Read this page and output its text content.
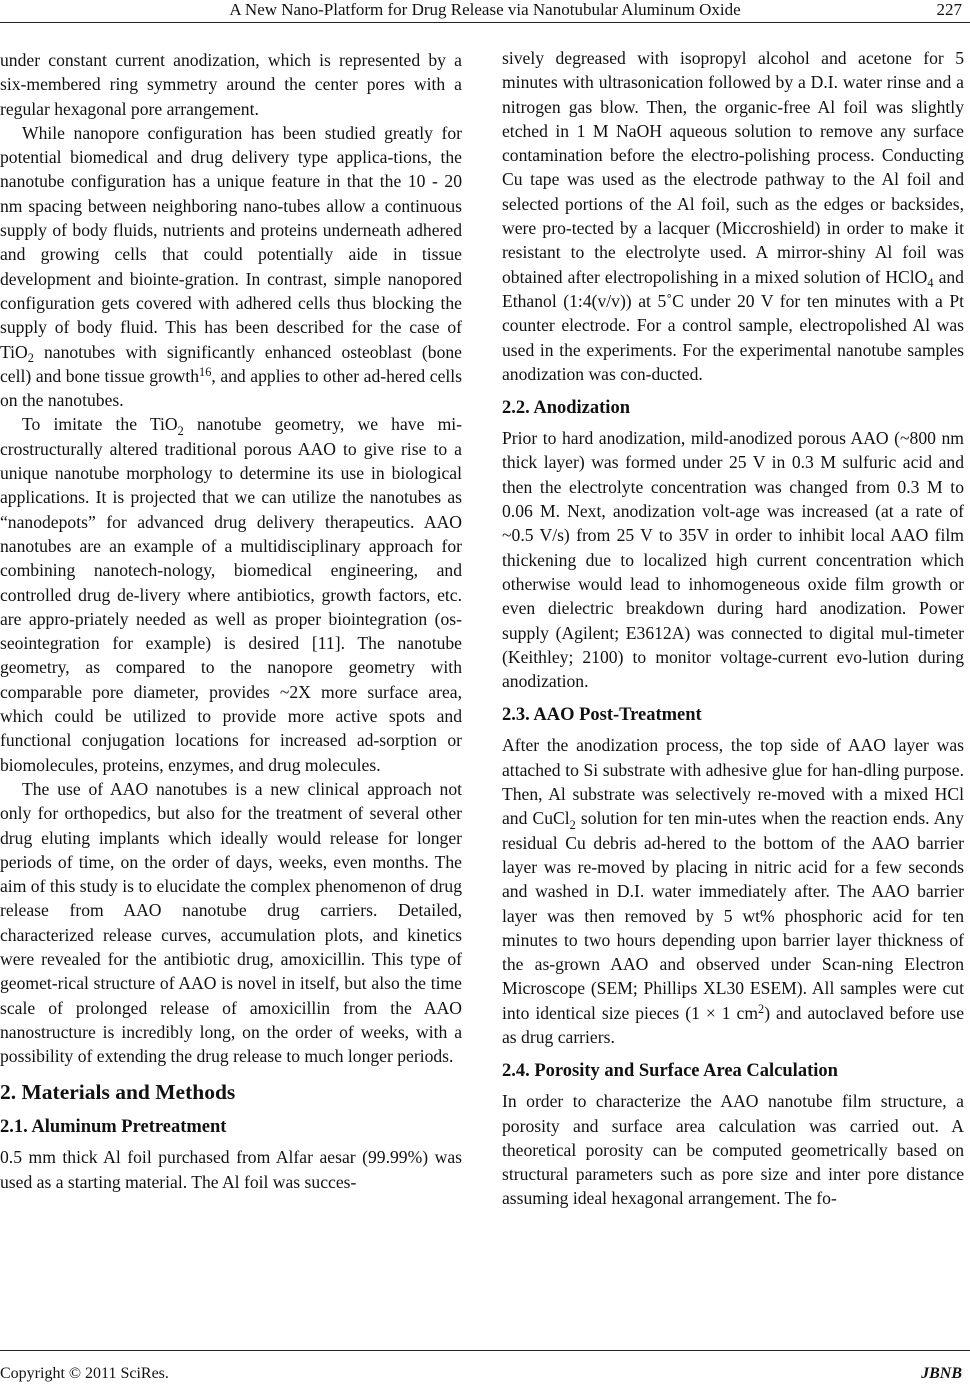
A New Nano-Platform for Drug Release via Nanotubular Aluminum Oxide	227

under constant current anodization, which is represented by a six-membered ring symmetry around the center pores with a regular hexagonal pore arrangement.

While nanopore configuration has been studied greatly for potential biomedical and drug delivery type applica-tions, the nanotube configuration has a unique feature in that the 10 - 20 nm spacing between neighboring nano-tubes allow a continuous supply of body fluids, nutrients and proteins underneath adhered and growing cells that could potentially aide in tissue development and biointe-gration. In contrast, simple nanopored configuration gets covered with adhered cells thus blocking the supply of body fluid. This has been described for the case of TiO$_2$ nanotubes with significantly enhanced osteoblast (bone cell) and bone tissue growth$^{16}$, and applies to other ad-hered cells on the nanotubes.

To imitate the TiO$_2$ nanotube geometry, we have mi-crostructurally altered traditional porous AAO to give rise to a unique nanotube morphology to determine its use in biological applications. It is projected that we can utilize the nanotubes as “nanodepots” for advanced drug delivery therapeutics. AAO nanotubes are an example of a multidisciplinary approach for combining nanotech-nology, biomedical engineering, and controlled drug de-livery where antibiotics, growth factors, etc. are appro-priately needed as well as proper biointegration (os-seointegration for example) is desired [11]. The nanotube geometry, as compared to the nanopore geometry with comparable pore diameter, provides ~2X more surface area, which could be utilized to provide more active spots and functional conjugation locations for increased ad-sorption or biomolecules, proteins, enzymes, and drug molecules.

The use of AAO nanotubes is a new clinical approach not only for orthopedics, but also for the treatment of several other drug eluting implants which ideally would release for longer periods of time, on the order of days, weeks, even months. The aim of this study is to elucidate the complex phenomenon of drug release from AAO nanotube drug carriers. Detailed, characterized release curves, accumulation plots, and kinetics were revealed for the antibiotic drug, amoxicillin. This type of geomet-rical structure of AAO is novel in itself, but also the time scale of prolonged release of amoxicillin from the AAO nanostructure is incredibly long, on the order of weeks, with a possibility of extending the drug release to much longer periods.

2. Materials and Methods
2.1. Aluminum Pretreatment

0.5 mm thick Al foil purchased from Alfar aesar (99.99%) was used as a starting material. The Al foil was succes-

sively degreased with isopropyl alcohol and acetone for 5 minutes with ultrasonication followed by a D.I. water rinse and a nitrogen gas blow. Then, the organic-free Al foil was slightly etched in 1 M NaOH aqueous solution to remove any surface contamination before the electro-polishing process. Conducting Cu tape was used as the electrode pathway to the Al foil and selected portions of the Al foil, such as the edges or backsides, were pro-tected by a lacquer (Miccroshield) in order to make it resistant to the electrolyte used. A mirror-shiny Al foil was obtained after electropolishing in a mixed solution of HClO$_4$ and Ethanol (1:4(v/v)) at 5˚C under 20 V for ten minutes with a Pt counter electrode. For a control sample, electropolished Al was used in the experiments. For the experimental nanotube samples anodization was con-ducted.

2.2. Anodization

Prior to hard anodization, mild-anodized porous AAO (~800 nm thick layer) was formed under 25 V in 0.3 M sulfuric acid and then the electrolyte concentration was changed from 0.3 M to 0.06 M. Next, anodization volt-age was increased (at a rate of ~0.5 V/s) from 25 V to 35V in order to inhibit local AAO film thickening due to localized high current concentration which otherwise would lead to inhomogeneous oxide film growth or even dielectric breakdown during hard anodization. Power supply (Agilent; E3612A) was connected to digital mul-timeter (Keithley; 2100) to monitor voltage-current evo-lution during anodization.

2.3. AAO Post-Treatment

After the anodization process, the top side of AAO layer was attached to Si substrate with adhesive glue for han-dling purpose. Then, Al substrate was selectively re-moved with a mixed HCl and CuCl$_2$ solution for ten min-utes when the reaction ends. Any residual Cu debris ad-hered to the bottom of the AAO barrier layer was re-moved by placing in nitric acid for a few seconds and washed in D.I. water immediately after. The AAO barrier layer was then removed by 5 wt% phosphoric acid for ten minutes to two hours depending upon barrier layer thickness of the as-grown AAO and observed under Scan-ning Electron Microscope (SEM; Phillips XL30 ESEM). All samples were cut into identical size pieces (1 × 1 $cm^2$) and autoclaved before use as drug carriers.

2.4. Porosity and Surface Area Calculation

In order to characterize the AAO nanotube film structure, a porosity and surface area calculation was carried out. A theoretical porosity can be computed geometrically based on structural parameters such as pore size and inter pore distance assuming ideal hexagonal arrangement. The fo-

Copyright © 2011 SciRes.	JBNB
